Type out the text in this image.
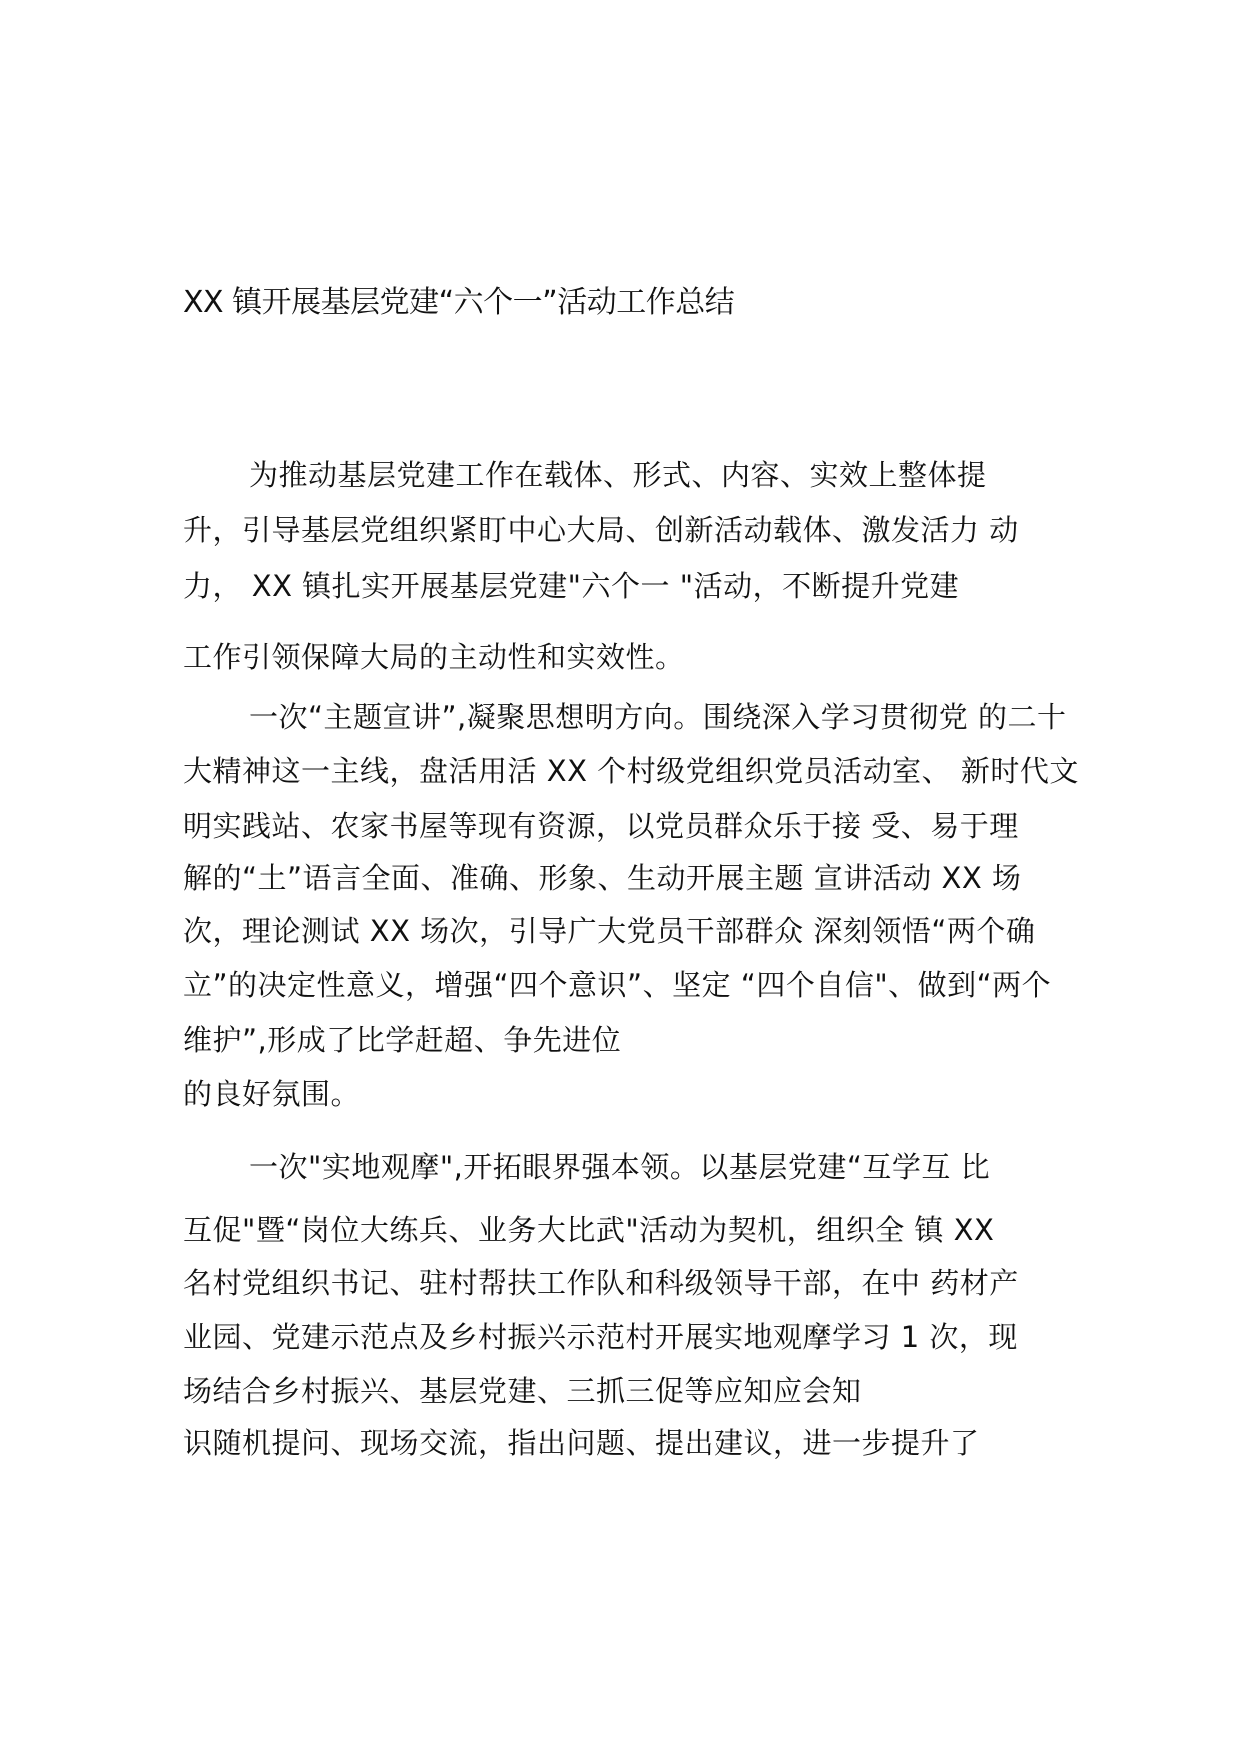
XX 镇开展基层党建“六个一”活动工作总结
为推动基层党建工作在载体、形式、内容、实效上整体提
升，引导基层党组织紧盯中心大局、创新活动载体、激发活力 动
力， XX 镇扎实开展基层党建"六个一 "活动，不断提升党建
工作引领保障大局的主动性和实效性。
一次“主题宣讲”,凝聚思想明方向。围绕深入学习贯彻党 的二十
大精神这一主线，盘活用活 XX 个村级党组织党员活动室、 新时代文
明实践站、农家书屋等现有资源，以党员群众乐于接 受、易于理
解的“土”语言全面、准确、形象、生动开展主题 宣讲活动 XX 场
次，理论测试 XX 场次，引导广大党员干部群众 深刻领悟“两个确
立”的决定性意义，增强“四个意识”、坚定 “四个自信"、做到“两个
维护”,形成了比学赶超、争先进位
的良好氛围。
一次"实地观摩",开拓眼界强本领。以基层党建“互学互 比
互促"暨“岗位大练兵、业务大比武"活动为契机，组织全 镇 XX
名村党组织书记、驻村帮扶工作队和科级领导干部，在中 药材产
业园、党建示范点及乡村振兴示范村开展实地观摩学习 1 次，现
场结合乡村振兴、基层党建、三抓三促等应知应会知
识随机提问、现场交流，指出问题、提出建议，进一步提升了
